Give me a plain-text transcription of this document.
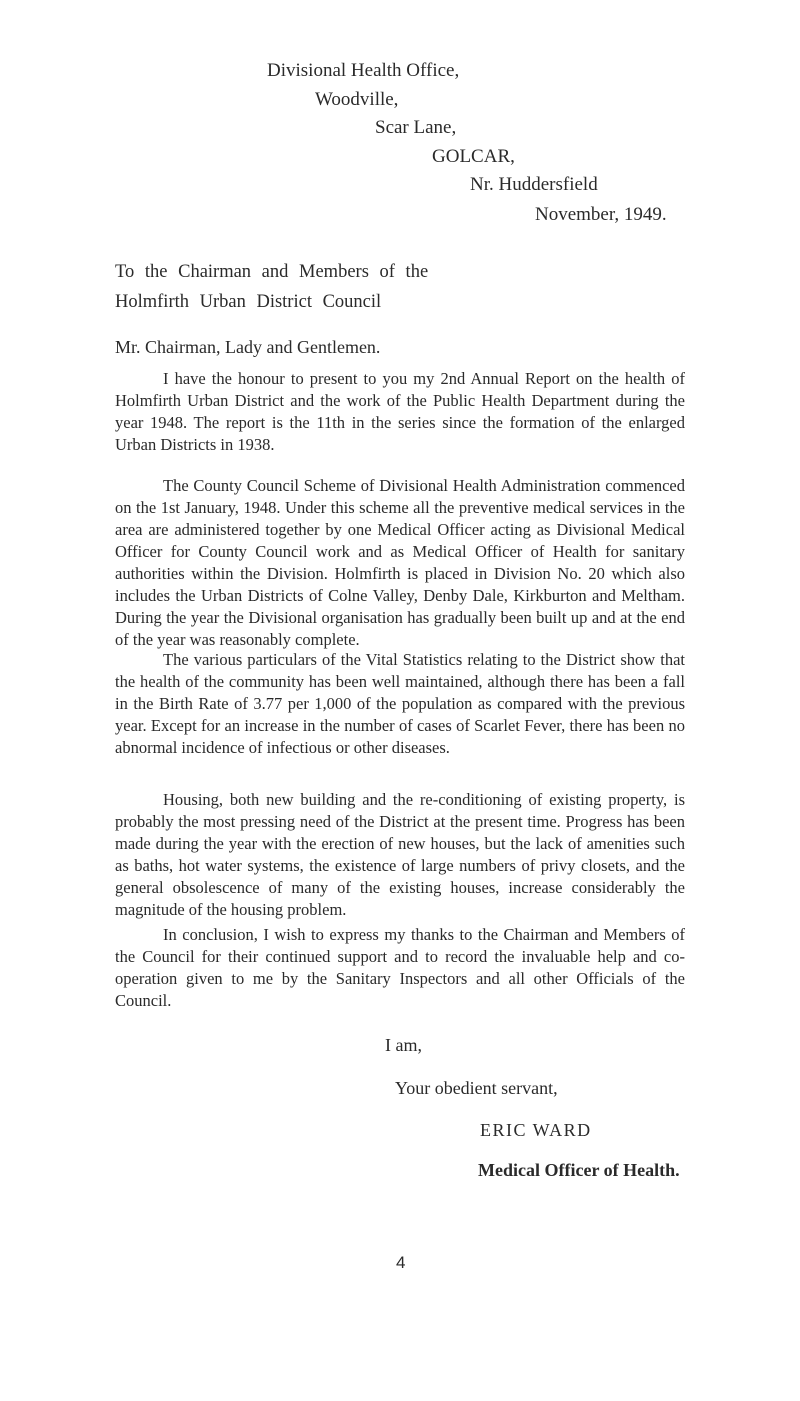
Divisional Health Office,
Woodville,
Scar Lane,
GOLCAR,
Nr. Huddersfield
November, 1949.
To the Chairman and Members of the
Holmfirth Urban District Council
Mr. Chairman, Lady and Gentlemen.

I have the honour to present to you my 2nd Annual Report on the health of Holmfirth Urban District and the work of the Public Health Department during the year 1948. The report is the 11th in the series since the formation of the enlarged Urban Districts in 1938.

The County Council Scheme of Divisional Health Administration commenced on the 1st January, 1948. Under this scheme all the preventive medical services in the area are administered together by one Medical Officer acting as Divisional Medical Officer for County Council work and as Medical Officer of Health for sanitary authorities within the Division. Holmfirth is placed in Division No. 20 which also includes the Urban Districts of Colne Valley, Denby Dale, Kirkburton and Meltham. During the year the Divisional organisation has gradually been built up and at the end of the year was reasonably complete.

The various particulars of the Vital Statistics relating to the District show that the health of the community has been well maintained, although there has been a fall in the Birth Rate of 3.77 per 1,000 of the population as compared with the previous year. Except for an increase in the number of cases of Scarlet Fever, there has been no abnormal incidence of infectious or other diseases.

Housing, both new building and the re-conditioning of existing property, is probably the most pressing need of the District at the present time. Progress has been made during the year with the erection of new houses, but the lack of amenities such as baths, hot water systems, the existence of large numbers of privy closets, and the general obsolescence of many of the existing houses, increase considerably the magnitude of the housing problem.

In conclusion, I wish to express my thanks to the Chairman and Members of the Council for their continued support and to record the invaluable help and co-operation given to me by the Sanitary Inspectors and all other Officials of the Council.

I am,
Your obedient servant,
ERIC WARD
Medical Officer of Health.
4
